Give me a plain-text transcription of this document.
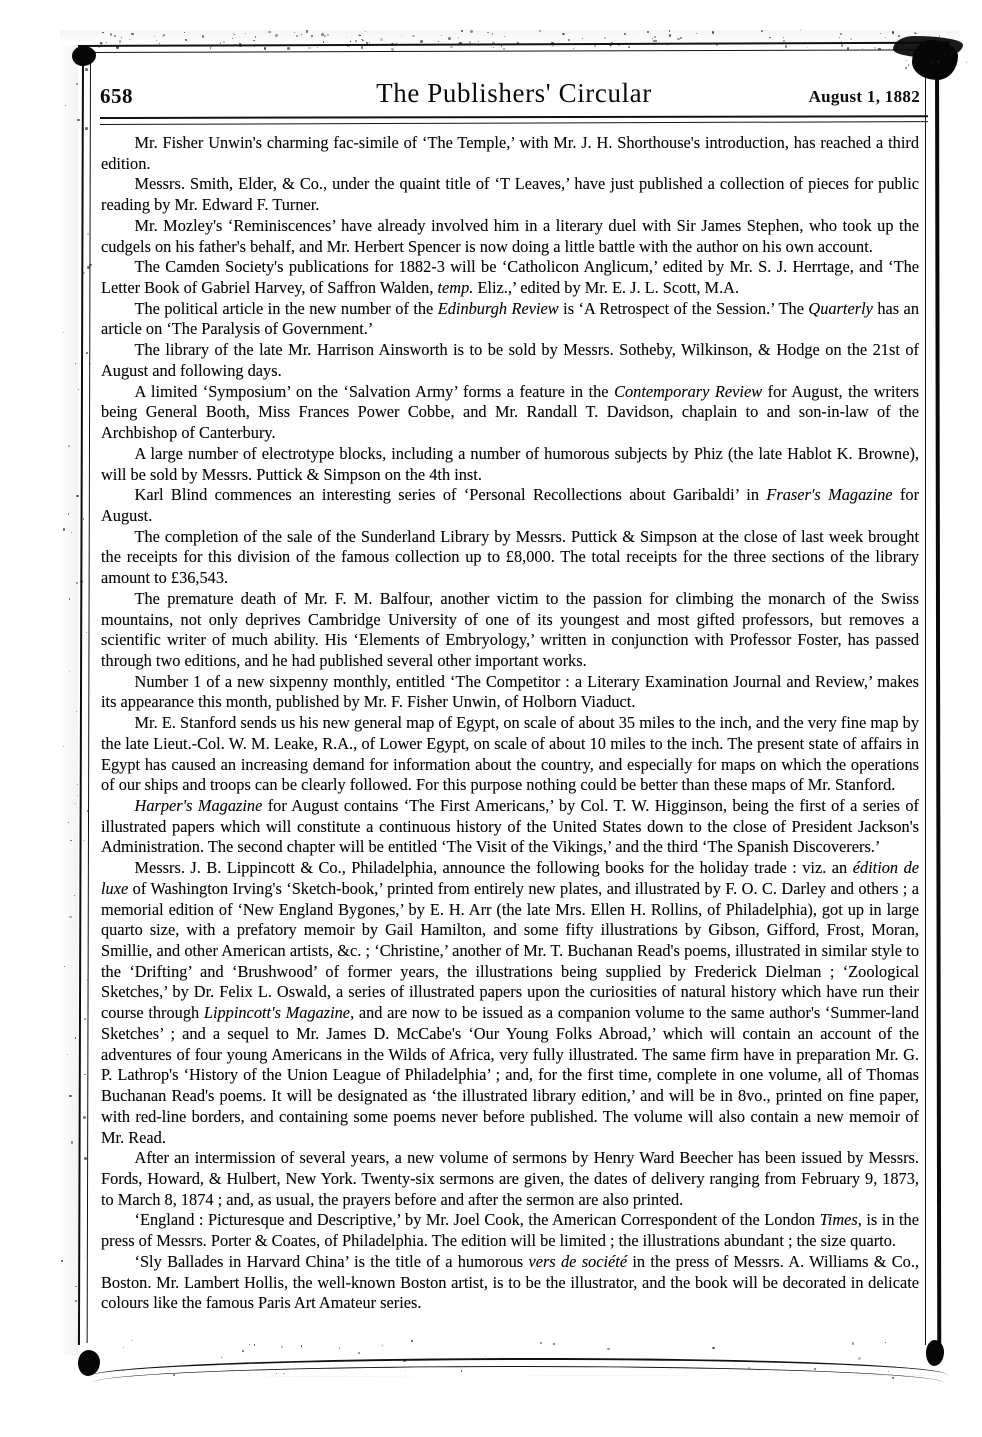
658	The Publishers' Circular	August 1, 1882

Mr. Fisher Unwin's charming fac-simile of ‘The Temple,’ with Mr. J. H. Shorthouse's introduction, has reached a third edition.

Messrs. Smith, Elder, & Co., under the quaint title of ‘T Leaves,’ have just published a collection of pieces for public reading by Mr. Edward F. Turner.

Mr. Mozley's ‘Reminiscences’ have already involved him in a literary duel with Sir James Stephen, who took up the cudgels on his father's behalf, and Mr. Herbert Spencer is now doing a little battle with the author on his own account.

The Camden Society's publications for 1882-3 will be ‘Catholicon Anglicum,’ edited by Mr. S. J. Herrtage, and ‘The Letter Book of Gabriel Harvey, of Saffron Walden, temp. Eliz.,’ edited by Mr. E. J. L. Scott, M.A.

The political article in the new number of the Edinburgh Review is ‘A Retrospect of the Session.’ The Quarterly has an article on ‘The Paralysis of Government.’

The library of the late Mr. Harrison Ainsworth is to be sold by Messrs. Sotheby, Wilkinson, & Hodge on the 21st of August and following days.

A limited ‘Symposium’ on the ‘Salvation Army’ forms a feature in the Contemporary Review for August, the writers being General Booth, Miss Frances Power Cobbe, and Mr. Randall T. Davidson, chaplain to and son-in-law of the Archbishop of Canterbury.

A large number of electrotype blocks, including a number of humorous subjects by Phiz (the late Hablot K. Browne), will be sold by Messrs. Puttick & Simpson on the 4th inst.

Karl Blind commences an interesting series of ‘Personal Recollections about Garibaldi’ in Fraser's Magazine for August.

The completion of the sale of the Sunderland Library by Messrs. Puttick & Simpson at the close of last week brought the receipts for this division of the famous collection up to £8,000. The total receipts for the three sections of the library amount to £36,543.

The premature death of Mr. F. M. Balfour, another victim to the passion for climbing the monarch of the Swiss mountains, not only deprives Cambridge University of one of its youngest and most gifted professors, but removes a scientific writer of much ability. His ‘Elements of Embryology,’ written in conjunction with Professor Foster, has passed through two editions, and he had published several other important works.

Number 1 of a new sixpenny monthly, entitled ‘The Competitor : a Literary Examination Journal and Review,’ makes its appearance this month, published by Mr. F. Fisher Unwin, of Holborn Viaduct.

Mr. E. Stanford sends us his new general map of Egypt, on scale of about 35 miles to the inch, and the very fine map by the late Lieut.-Col. W. M. Leake, R.A., of Lower Egypt, on scale of about 10 miles to the inch. The present state of affairs in Egypt has caused an increasing demand for information about the country, and especially for maps on which the operations of our ships and troops can be clearly followed. For this purpose nothing could be better than these maps of Mr. Stanford.

Harper's Magazine for August contains ‘The First Americans,’ by Col. T. W. Higginson, being the first of a series of illustrated papers which will constitute a continuous history of the United States down to the close of President Jackson's Administration. The second chapter will be entitled ‘The Visit of the Vikings,’ and the third ‘The Spanish Discoverers.’

Messrs. J. B. Lippincott & Co., Philadelphia, announce the following books for the holiday trade : viz. an édition de luxe of Washington Irving's ‘Sketch-book,’ printed from entirely new plates, and illustrated by F. O. C. Darley and others ; a memorial edition of ‘New England Bygones,’ by E. H. Arr (the late Mrs. Ellen H. Rollins, of Philadelphia), got up in large quarto size, with a prefatory memoir by Gail Hamilton, and some fifty illustrations by Gibson, Gifford, Frost, Moran, Smillie, and other American artists, &c. ; ‘Christine,’ another of Mr. T. Buchanan Read's poems, illustrated in similar style to the ‘Drifting’ and ‘Brushwood’ of former years, the illustrations being supplied by Frederick Dielman ; ‘Zoological Sketches,’ by Dr. Felix L. Oswald, a series of illustrated papers upon the curiosities of natural history which have run their course through Lippincott's Magazine, and are now to be issued as a companion volume to the same author's ‘Summer-land Sketches’ ; and a sequel to Mr. James D. McCabe's ‘Our Young Folks Abroad,’ which will contain an account of the adventures of four young Americans in the Wilds of Africa, very fully illustrated. The same firm have in preparation Mr. G. P. Lathrop's ‘History of the Union League of Philadelphia’ ; and, for the first time, complete in one volume, all of Thomas Buchanan Read's poems. It will be designated as ‘the illustrated library edition,’ and will be in 8vo., printed on fine paper, with red-line borders, and containing some poems never before published. The volume will also contain a new memoir of Mr. Read.

After an intermission of several years, a new volume of sermons by Henry Ward Beecher has been issued by Messrs. Fords, Howard, & Hulbert, New York. Twenty-six sermons are given, the dates of delivery ranging from February 9, 1873, to March 8, 1874 ; and, as usual, the prayers before and after the sermon are also printed.

‘England : Picturesque and Descriptive,’ by Mr. Joel Cook, the American Correspondent of the London Times, is in the press of Messrs. Porter & Coates, of Philadelphia. The edition will be limited ; the illustrations abundant ; the size quarto.

‘Sly Ballades in Harvard China’ is the title of a humorous vers de société in the press of Messrs. A. Williams & Co., Boston. Mr. Lambert Hollis, the well-known Boston artist, is to be the illustrator, and the book will be decorated in delicate colours like the famous Paris Art Amateur series.
